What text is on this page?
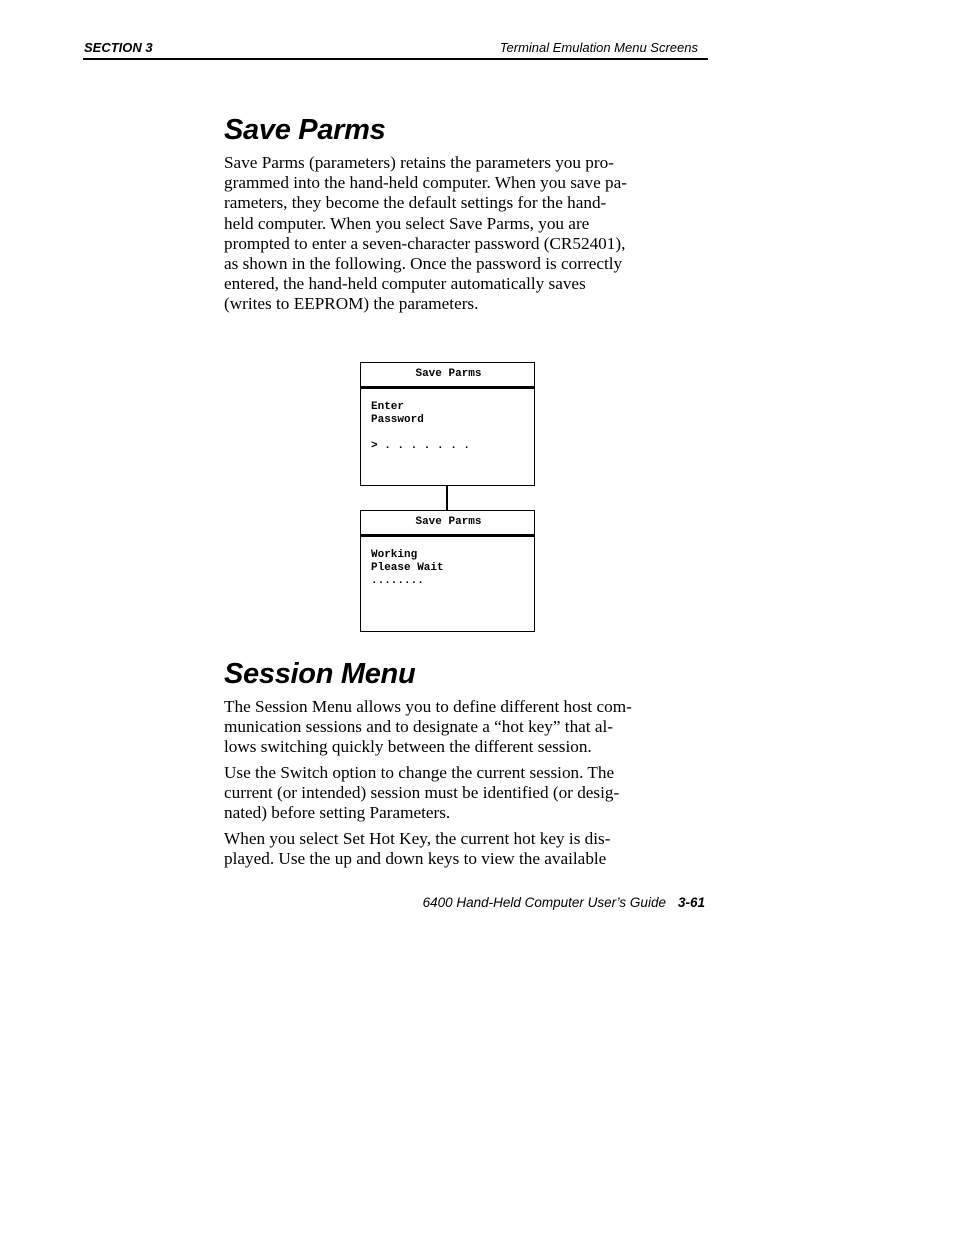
SECTION 3	Terminal Emulation Menu Screens
Save Parms
Save Parms (parameters) retains the parameters you pro-
grammed into the hand-held computer. When you save pa-
rameters, they become the default settings for the hand-
held computer. When you select Save Parms, you are
prompted to enter a seven-character password (CR52401),
as shown in the following. Once the password is correctly
entered, the hand-held computer automatically saves
(writes to EEPROM) the parameters.
Save Parms
Enter
Password
> . . . . . . .
Save Parms
Working
Please Wait
........
Session Menu
The Session Menu allows you to define different host com-
munication sessions and to designate a “hot key” that al-
lows switching quickly between the different session.
Use the Switch option to change the current session. The
current (or intended) session must be identified (or desig-
nated) before setting Parameters.
When you select Set Hot Key, the current hot key is dis-
played. Use the up and down keys to view the available
6400 Hand-Held Computer User’s Guide 3-61
